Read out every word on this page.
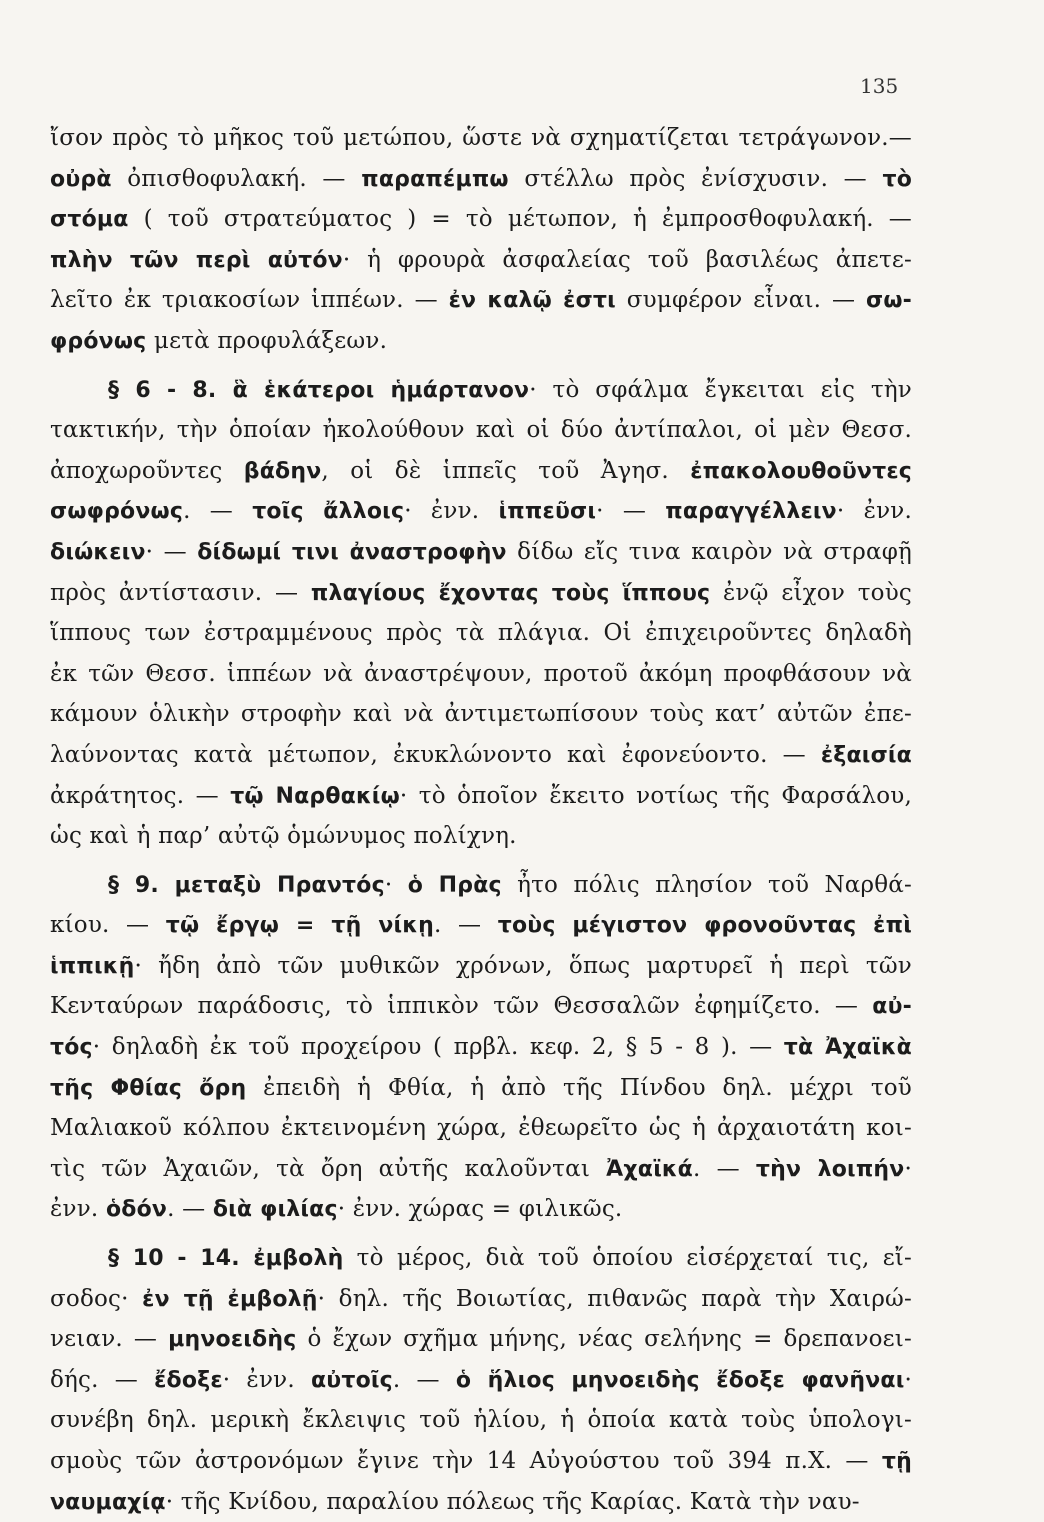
135
ἴσον πρὸς τὸ μῆκος τοῦ μετώπου, ὥστε νὰ σχηματίζεται τετράγωνον.—
οὐρὰ ὀπισθοφυλακή. — παραπέμπω στέλλω πρὸς ἐνίσχυσιν. — τὸ
στόμα ( τοῦ στρατεύματος ) = τὸ μέτωπον, ἡ ἐμπροσθοφυλακή. —
πλὴν τῶν περὶ αὐτόν· ἡ φρουρὰ ἀσφαλείας τοῦ βασιλέως ἀπετε-
λεῖτο ἐκ τριακοσίων ἱππέων. — ἐν καλῷ ἐστι συμφέρον εἶναι. — σω-
φρόνως μετὰ προφυλάξεων.
§ 6 - 8. ἃ ἑκάτεροι ἡμάρτανον· τὸ σφάλμα ἔγκειται εἰς τὴν
τακτικήν, τὴν ὁποίαν ἠκολούθουν καὶ οἱ δύο ἀντίπαλοι, οἱ μὲν Θεσσ.
ἀποχωροῦντες βάδην, οἱ δὲ ἱππεῖς τοῦ Ἀγησ. ἐπακολουθοῦντες
σωφρόνως. — τοῖς ἄλλοις· ἐνν. ἱππεῦσι· — παραγγέλλειν· ἐνν.
διώκειν· — δίδωμί τινι ἀναστροφὴν δίδω εἴς τινα καιρὸν νὰ στραφῇ
πρὸς ἀντίστασιν. — πλαγίους ἔχοντας τοὺς ἵππους ἐνῷ εἶχον τοὺς
ἵππους των ἐστραμμένους πρὸς τὰ πλάγια. Οἱ ἐπιχειροῦντες δηλαδὴ
ἐκ τῶν Θεσσ. ἱππέων νὰ ἀναστρέψουν, προτοῦ ἀκόμη προφθάσουν νὰ
κάμουν ὁλικὴν στροφὴν καὶ νὰ ἀντιμετωπίσουν τοὺς κατ’ αὐτῶν ἐπε-
λαύνοντας κατὰ μέτωπον, ἐκυκλώνοντο καὶ ἐφονεύοντο. — ἐξαισία
ἀκράτητος. — τῷ Ναρθακίῳ· τὸ ὁποῖον ἔκειτο νοτίως τῆς Φαρσάλου,
ὡς καὶ ἡ παρ’ αὐτῷ ὁμώνυμος πολίχνη.
§ 9. μεταξὺ Πραντός· ὁ Πρὰς ἦτο πόλις πλησίον τοῦ Ναρθά-
κίου. — τῷ ἔργῳ = τῇ νίκῃ. — τοὺς μέγιστον φρονοῦντας ἐπὶ
ἱππικῇ· ἤδη ἀπὸ τῶν μυθικῶν χρόνων, ὅπως μαρτυρεῖ ἡ περὶ τῶν
Κενταύρων παράδοσις, τὸ ἱππικὸν τῶν Θεσσαλῶν ἐφημίζετο. — αὐ-
τός· δηλαδὴ ἐκ τοῦ προχείρου ( πρβλ. κεφ. 2, § 5 - 8 ). — τὰ Ἀχαϊκὰ
τῆς Φθίας ὄρη ἐπειδὴ ἡ Φθία, ἡ ἀπὸ τῆς Πίνδου δηλ. μέχρι τοῦ
Μαλιακοῦ κόλπου ἐκτεινομένη χώρα, ἐθεωρεῖτο ὡς ἡ ἀρχαιοτάτη κοι-
τὶς τῶν Ἀχαιῶν, τὰ ὄρη αὐτῆς καλοῦνται Ἀχαϊκά. — τὴν λοιπήν·
ἐνν. ὁδόν. — διὰ φιλίας· ἐνν. χώρας = φιλικῶς.
§ 10 - 14. ἐμβολὴ τὸ μέρος, διὰ τοῦ ὁποίου εἰσέρχεταί τις, εἴ-
σοδος· ἐν τῇ ἐμβολῇ· δηλ. τῆς Βοιωτίας, πιθανῶς παρὰ τὴν Χαιρώ-
νειαν. — μηνοειδὴς ὁ ἔχων σχῆμα μήνης, νέας σελήνης = δρεπανοει-
δής. — ἔδοξε· ἐνν. αὐτοῖς. — ὁ ἥλιος μηνοειδὴς ἔδοξε φανῆναι·
συνέβη δηλ. μερικὴ ἔκλειψις τοῦ ἡλίου, ἡ ὁποία κατὰ τοὺς ὑπολογι-
σμοὺς τῶν ἀστρονόμων ἔγινε τὴν 14 Αὐγούστου τοῦ 394 π.Χ. — τῇ
ναυμαχίᾳ· τῆς Κνίδου, παραλίου πόλεως τῆς Καρίας. Κατὰ τὴν ναυ-
